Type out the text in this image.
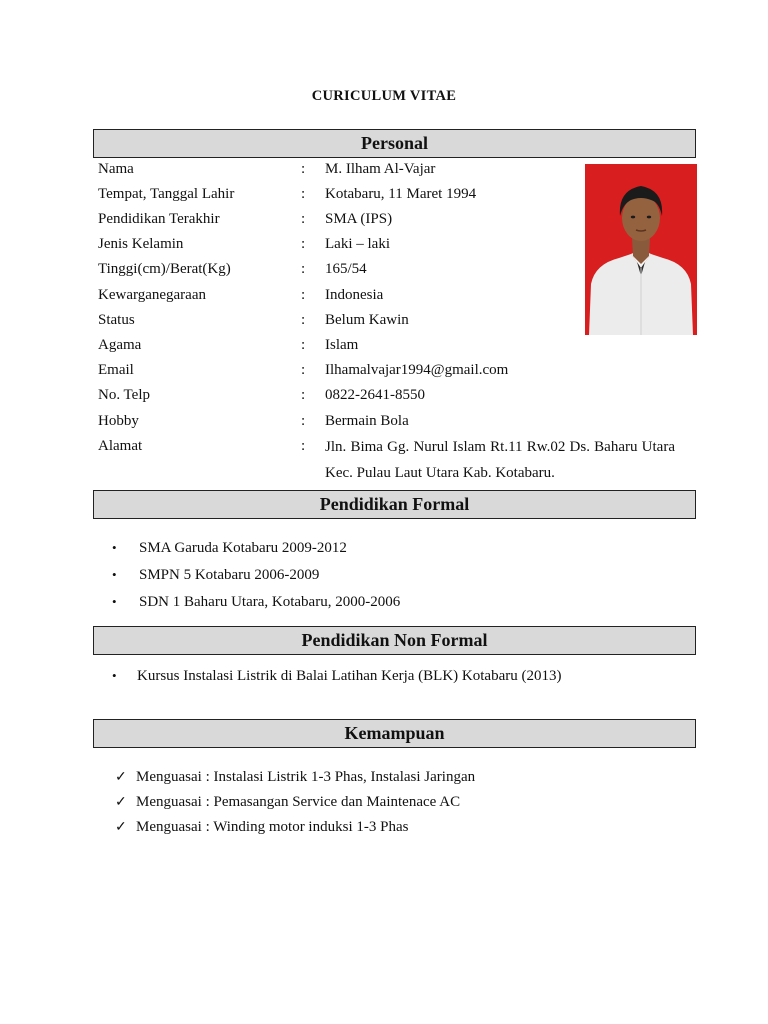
CURICULUM VITAE
Personal
Nama	: M. Ilham Al-Vajar
Tempat, Tanggal Lahir	: Kotabaru, 11 Maret 1994
Pendidikan Terakhir	: SMA (IPS)
Jenis Kelamin	: Laki – laki
Tinggi(cm)/Berat(Kg)	: 165/54
Kewarganegaraan	: Indonesia
Status	: Belum Kawin
Agama	: Islam
Email	: Ilhamalvajar1994@gmail.com
No. Telp	: 0822-2641-8550
Hobby	: Bermain Bola
Alamat	: Jln. Bima Gg. Nurul Islam Rt.11 Rw.02 Ds. Baharu Utara Kec. Pulau Laut Utara Kab. Kotabaru.
Pendidikan Formal
• SMA Garuda Kotabaru 2009-2012
• SMPN 5 Kotabaru 2006-2009
• SDN 1 Baharu Utara, Kotabaru, 2000-2006
Pendidikan Non Formal
• Kursus Instalasi Listrik di Balai Latihan Kerja (BLK) Kotabaru (2013)
Kemampuan
✓ Menguasai : Instalasi Listrik 1-3 Phas, Instalasi Jaringan
✓ Menguasai : Pemasangan Service dan Maintenace AC
✓ Menguasai : Winding motor induksi 1-3 Phas
